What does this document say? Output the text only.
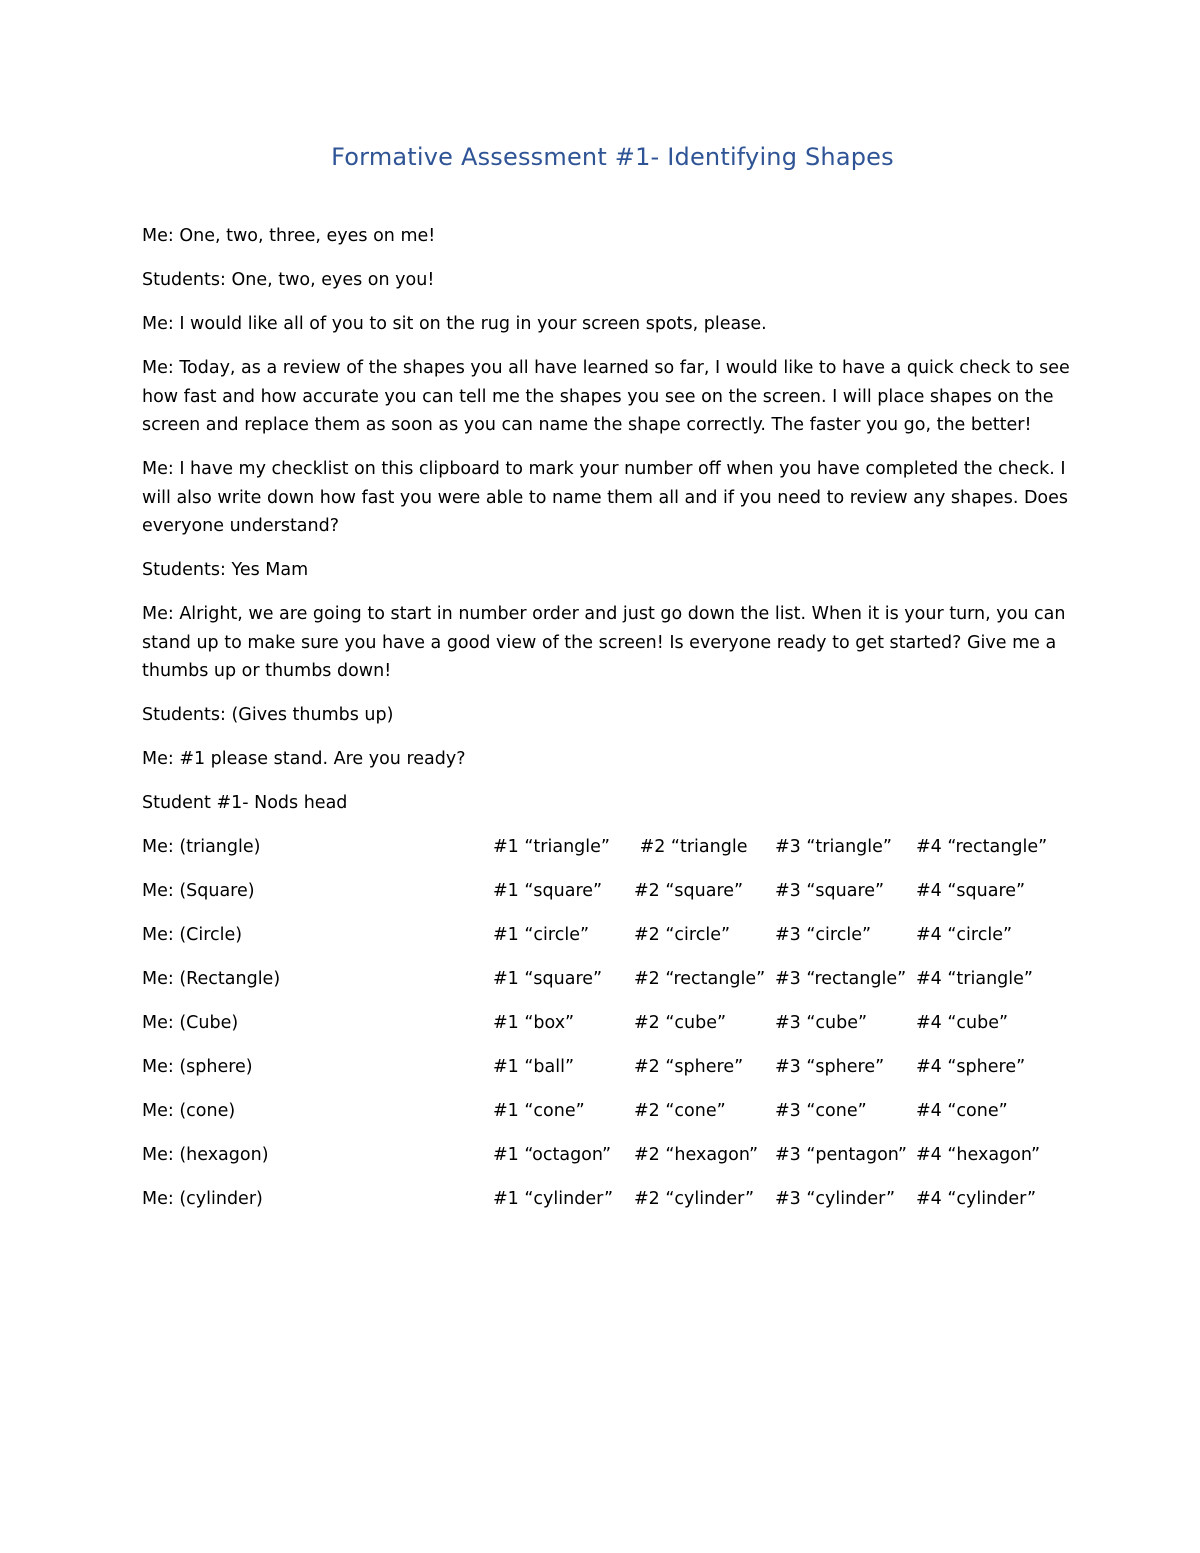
Formative Assessment #1- Identifying Shapes

Me: One, two, three, eyes on me!

Students: One, two, eyes on you!

Me: I would like all of you to sit on the rug in your screen spots, please.

Me: Today, as a review of the shapes you all have learned so far, I would like to have a quick check to see how fast and how accurate you can tell me the shapes you see on the screen. I will place shapes on the screen and replace them as soon as you can name the shape correctly. The faster you go, the better!

Me: I have my checklist on this clipboard to mark your number off when you have completed the check. I will also write down how fast you were able to name them all and if you need to review any shapes. Does everyone understand?

Students: Yes Mam

Me: Alright, we are going to start in number order and just go down the list. When it is your turn, you can stand up to make sure you have a good view of the screen! Is everyone ready to get started? Give me a thumbs up or thumbs down!

Students: (Gives thumbs up)

Me: #1 please stand. Are you ready?

Student #1- Nods head

Me: (triangle)	#1 “triangle” #2 “triangle #3 “triangle” #4 “rectangle”
Me: (Square)	#1 “square” #2 “square” #3 “square” #4 “square”
Me: (Circle)	#1 “circle”	#2 “circle”	#3 “circle”	#4 “circle”
Me: (Rectangle)	#1 “square” #2 “rectangle” #3 “rectangle” #4 “triangle”
Me: (Cube)	#1 “box”	#2 “cube”	#3 “cube”	#4 “cube”
Me: (sphere)	#1 “ball”	#2 “sphere” #3 “sphere” #4 “sphere”
Me: (cone)	#1 “cone”	#2 “cone”	#3 “cone”	#4 “cone”
Me: (hexagon)	#1 “octagon” #2 “hexagon” #3 “pentagon” #4 “hexagon”
Me: (cylinder)	#1 “cylinder” #2 “cylinder” #3 “cylinder” #4 “cylinder”
